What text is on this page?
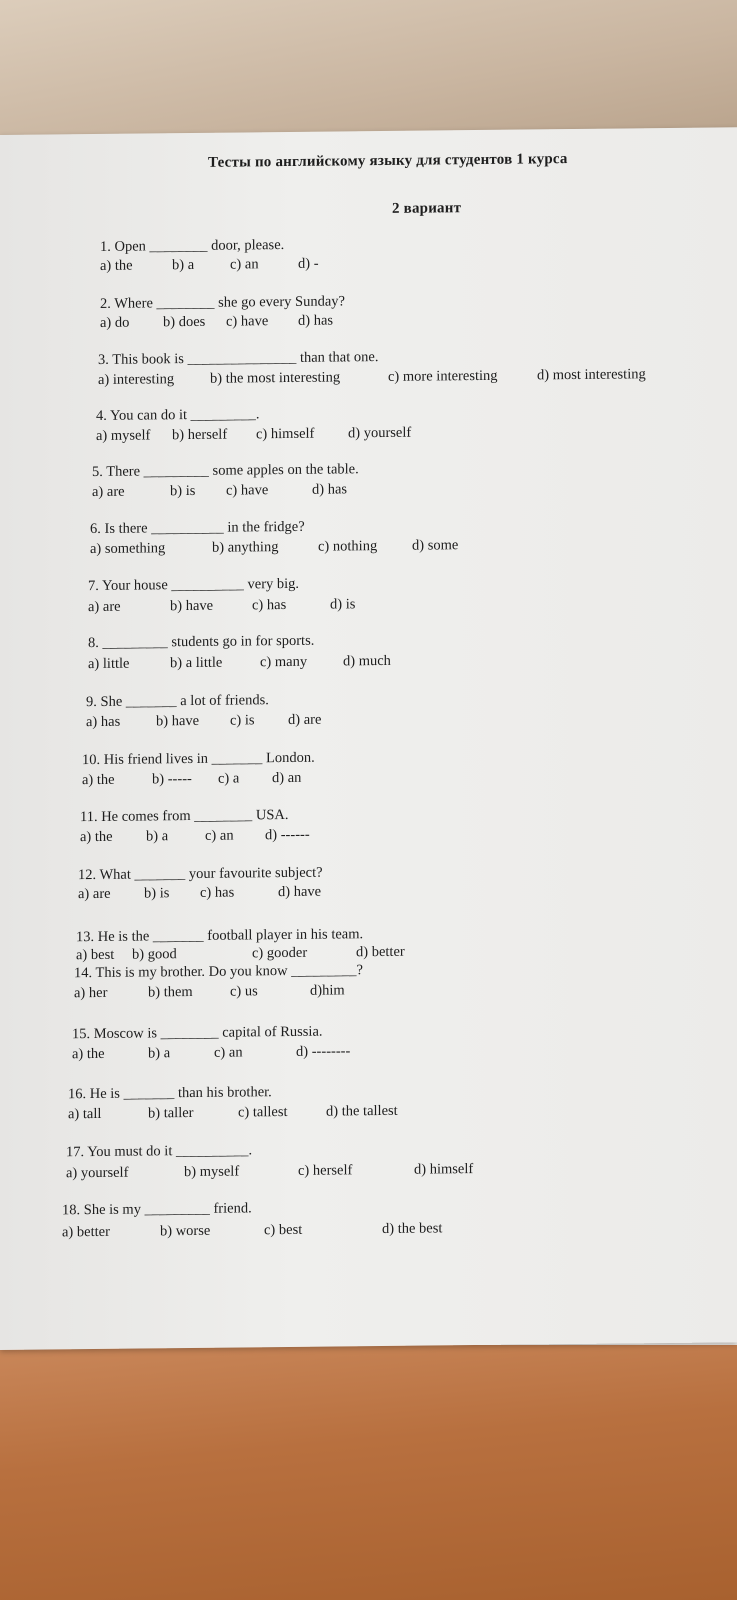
Тесты по английскому языку для студентов 1 курса
2 вариант
1. Open ________ door, please.
a) the	b) a c) an	d) -
2. Where ________ she go every Sunday?
a) do b) does c) have d) has
3. This book is _______________ than that one.
a) interesting b) the most interesting	c) more interesting	d) most interesting
4. You can do it _________.
a) myself b) herself c) himself d) yourself
5. There _________ some apples on the table.
a) are	b) is c) have	d) has
6. Is there __________ in the fridge?
a) something	b) anything	c) nothing d) some
7. Your house __________ very big.
a) are	b) have	c) has	d) is
8. _________ students go in for sports.
a) little	b) a little	c) many d) much
9. She _______ a lot of friends.
a) has b) have c) is d) are
10. His friend lives in _______ London.
a) the	b) ----- c) a d) an
11. He comes from ________ USA.
a) the b) a	c) an d) ------
12. What _______ your favourite subject?
a) are b) is c) has	d) have
13. He is the _______ football player in his team.
a) best b) good	c) gooder	d) better
14. This is my brother. Do you know _________?
a) her	b) them	c) us	d)him
15. Moscow is ________ capital of Russia.
a) the	b) a	c) an	d) --------
16. He is _______ than his brother.
a) tall	b) taller	c) tallest	d) the tallest
17. You must do it __________.
a) yourself	b) myself	c) herself	d) himself
18. She is my _________ friend.
a) better	b) worse	c) best	d) the best
